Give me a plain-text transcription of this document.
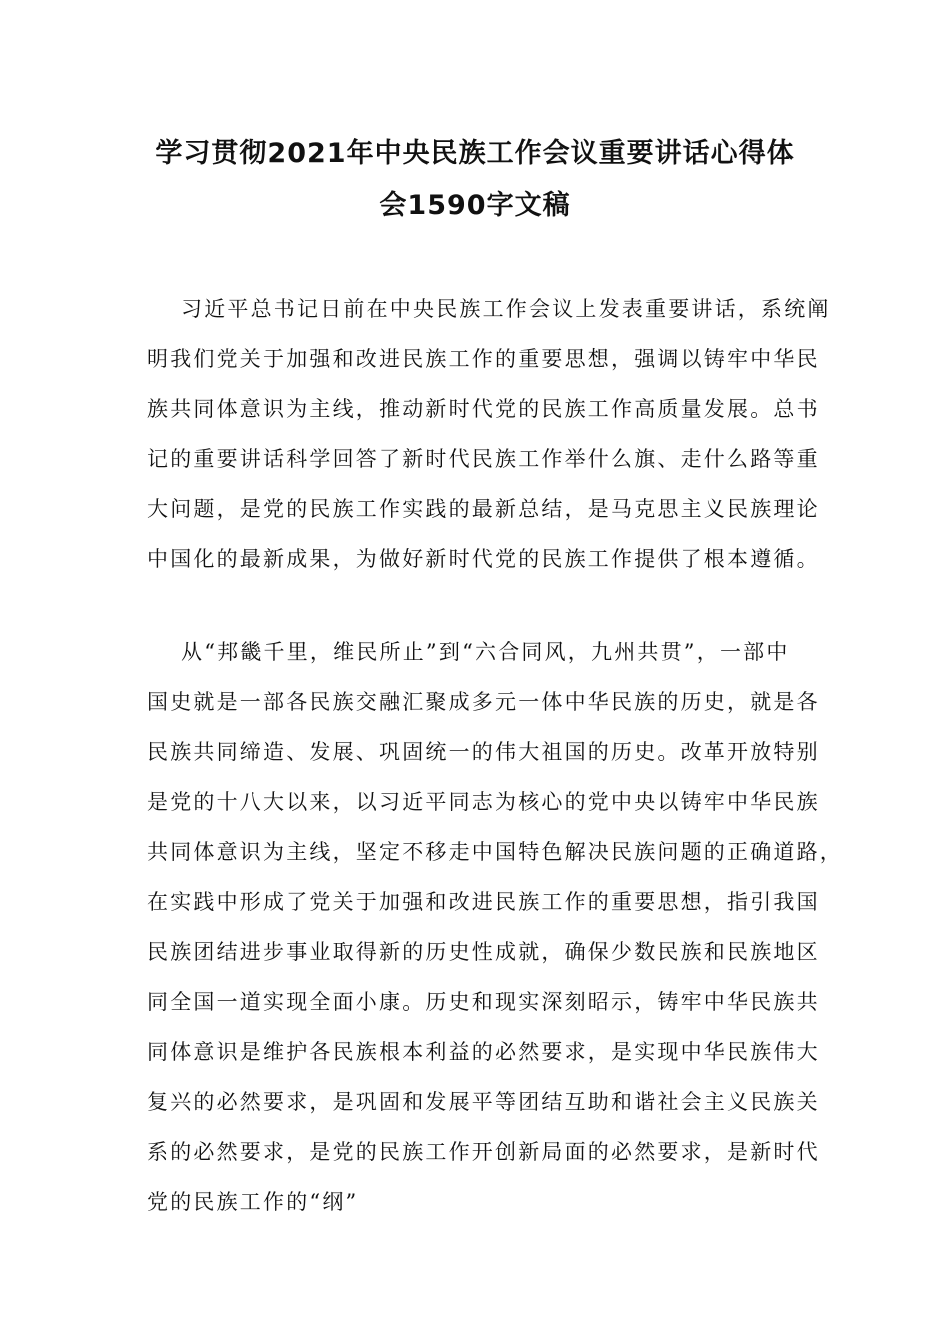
学习贯彻2021年中央民族工作会议重要讲话心得体
会1590字文稿
习近平总书记日前在中央民族工作会议上发表重要讲话，系统阐
明我们党关于加强和改进民族工作的重要思想，强调以铸牢中华民
族共同体意识为主线，推动新时代党的民族工作高质量发展。总书
记的重要讲话科学回答了新时代民族工作举什么旗、走什么路等重
大问题，是党的民族工作实践的最新总结，是马克思主义民族理论
中国化的最新成果，为做好新时代党的民族工作提供了根本遵循。
从“邦畿千里，维民所止”到“六合同风，九州共贯”，一部中
国史就是一部各民族交融汇聚成多元一体中华民族的历史，就是各
民族共同缔造、发展、巩固统一的伟大祖国的历史。改革开放特别
是党的十八大以来，以习近平同志为核心的党中央以铸牢中华民族
共同体意识为主线，坚定不移走中国特色解决民族问题的正确道路，
在实践中形成了党关于加强和改进民族工作的重要思想，指引我国
民族团结进步事业取得新的历史性成就，确保少数民族和民族地区
同全国一道实现全面小康。历史和现实深刻昭示，铸牢中华民族共
同体意识是维护各民族根本利益的必然要求，是实现中华民族伟大
复兴的必然要求，是巩固和发展平等团结互助和谐社会主义民族关
系的必然要求，是党的民族工作开创新局面的必然要求，是新时代
党的民族工作的“纲”
